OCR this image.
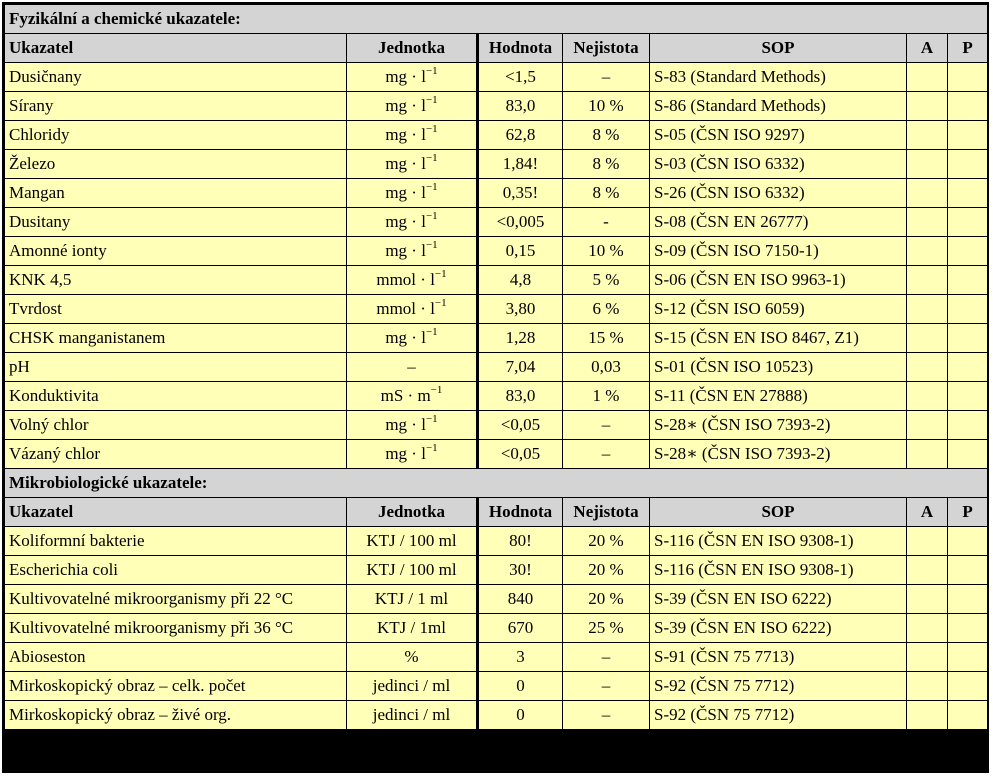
Fyzikální a chemické ukazatele:						
Ukazatel	Jednotka	Hodnota	Nejistota	SOP	A	P
Dusičnany	mg · $l^{-1}$	<1,5	–	S-83 (Standard Methods)		
Sírany	mg · $l^{-1}$	83,0	10 %	S-86 (Standard Methods)		
Chloridy	mg · $l^{-1}$	62,8	8 %	S-05 (ČSN ISO 9297)		
Železo	mg · $l^{-1}$	1,84!	8 %	S-03 (ČSN ISO 6332)		
Mangan	mg · $l^{-1}$	0,35!	8 %	S-26 (ČSN ISO 6332)		
Dusitany	mg · $l^{-1}$	<0,005	-	S-08 (ČSN EN 26777)		
Amonné ionty	mg · $l^{-1}$	0,15	10 %	S-09 (ČSN ISO 7150-1)		
KNK 4,5	mmol · $l^{-1}$	4,8	5 %	S-06 (ČSN EN ISO 9963-1)		
Tvrdost	mmol · $l^{-1}$	3,80	6 %	S-12 (ČSN ISO 6059)		
CHSK manganistanem	mg · $l^{-1}$	1,28	15 %	S-15 (ČSN EN ISO 8467, Z1)		
pH	–	7,04	0,03	S-01 (ČSN ISO 10523)		
Konduktivita	mS · $m^{-1}$	83,0	1 %	S-11 (ČSN EN 27888)		
Volný chlor	mg · $l^{-1}$	<0,05	–	S-28∗ (ČSN ISO 7393-2)		
Vázaný chlor	mg · $l^{-1}$	<0,05	–	S-28∗ (ČSN ISO 7393-2)		
Mikrobiologické ukazatele:						
Ukazatel	Jednotka	Hodnota	Nejistota	SOP	A	P
Koliformní bakterie	KTJ / 100 ml	80!	20 %	S-116 (ČSN EN ISO 9308-1)		
Escherichia coli	KTJ / 100 ml	30!	20 %	S-116 (ČSN EN ISO 9308-1)		
Kultivovatelné mikroorganismy při 22 °C	KTJ / 1 ml	840	20 %	S-39 (ČSN EN ISO 6222)		
Kultivovatelné mikroorganismy při 36 °C	KTJ / 1ml	670	25 %	S-39 (ČSN EN ISO 6222)		
Abioseston	%	3	–	S-91 (ČSN 75 7713)		
Mirkoskopický obraz – celk. počet	jedinci / ml	0	–	S-92 (ČSN 75 7712)		
Mirkoskopický obraz – živé org.	jedinci / ml	0	–	S-92 (ČSN 75 7712)		
